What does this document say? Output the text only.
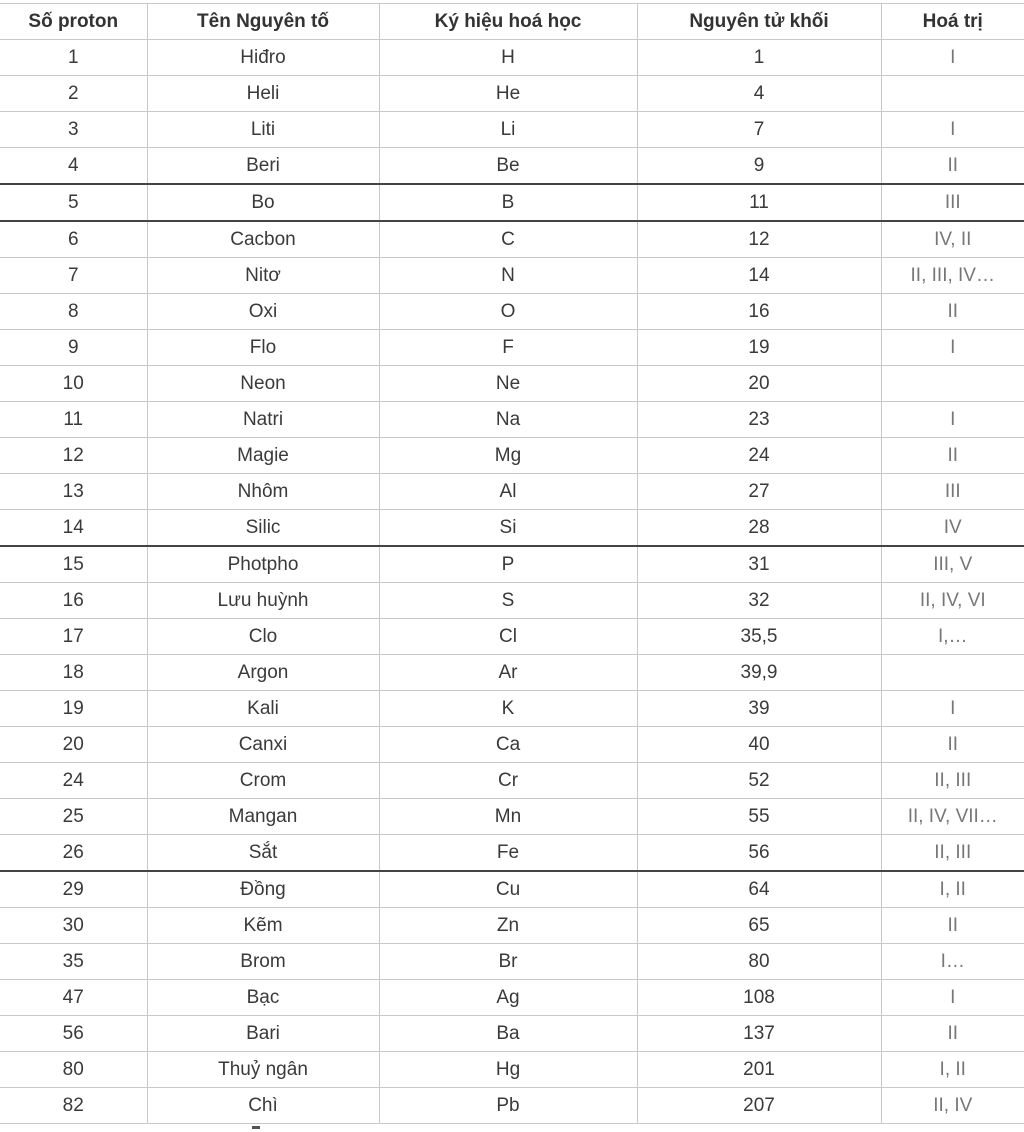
Số proton	Tên Nguyên tố	Ký hiệu hoá học	Nguyên tử khối	Hoá trị
1	Hiđro	H	1	I
2	Heli	He	4	
3	Liti	Li	7	I
4	Beri	Be	9	II
5	Bo	B	11	III
6	Cacbon	C	12	IV, II
7	Nitơ	N	14	II, III, IV…
8	Oxi	O	16	II
9	Flo	F	19	I
10	Neon	Ne	20	
11	Natri	Na	23	I
12	Magie	Mg	24	II
13	Nhôm	Al	27	III
14	Silic	Si	28	IV
15	Photpho	P	31	III, V
16	Lưu huỳnh	S	32	II, IV, VI
17	Clo	Cl	35,5	I,…
18	Argon	Ar	39,9	
19	Kali	K	39	I
20	Canxi	Ca	40	II
24	Crom	Cr	52	II, III
25	Mangan	Mn	55	II, IV, VII…
26	Sắt	Fe	56	II, III
29	Đồng	Cu	64	I, II
30	Kẽm	Zn	65	II
35	Brom	Br	80	I…
47	Bạc	Ag	108	I
56	Bari	Ba	137	II
80	Thuỷ ngân	Hg	201	I, II
82	Chì	Pb	207	II, IV
